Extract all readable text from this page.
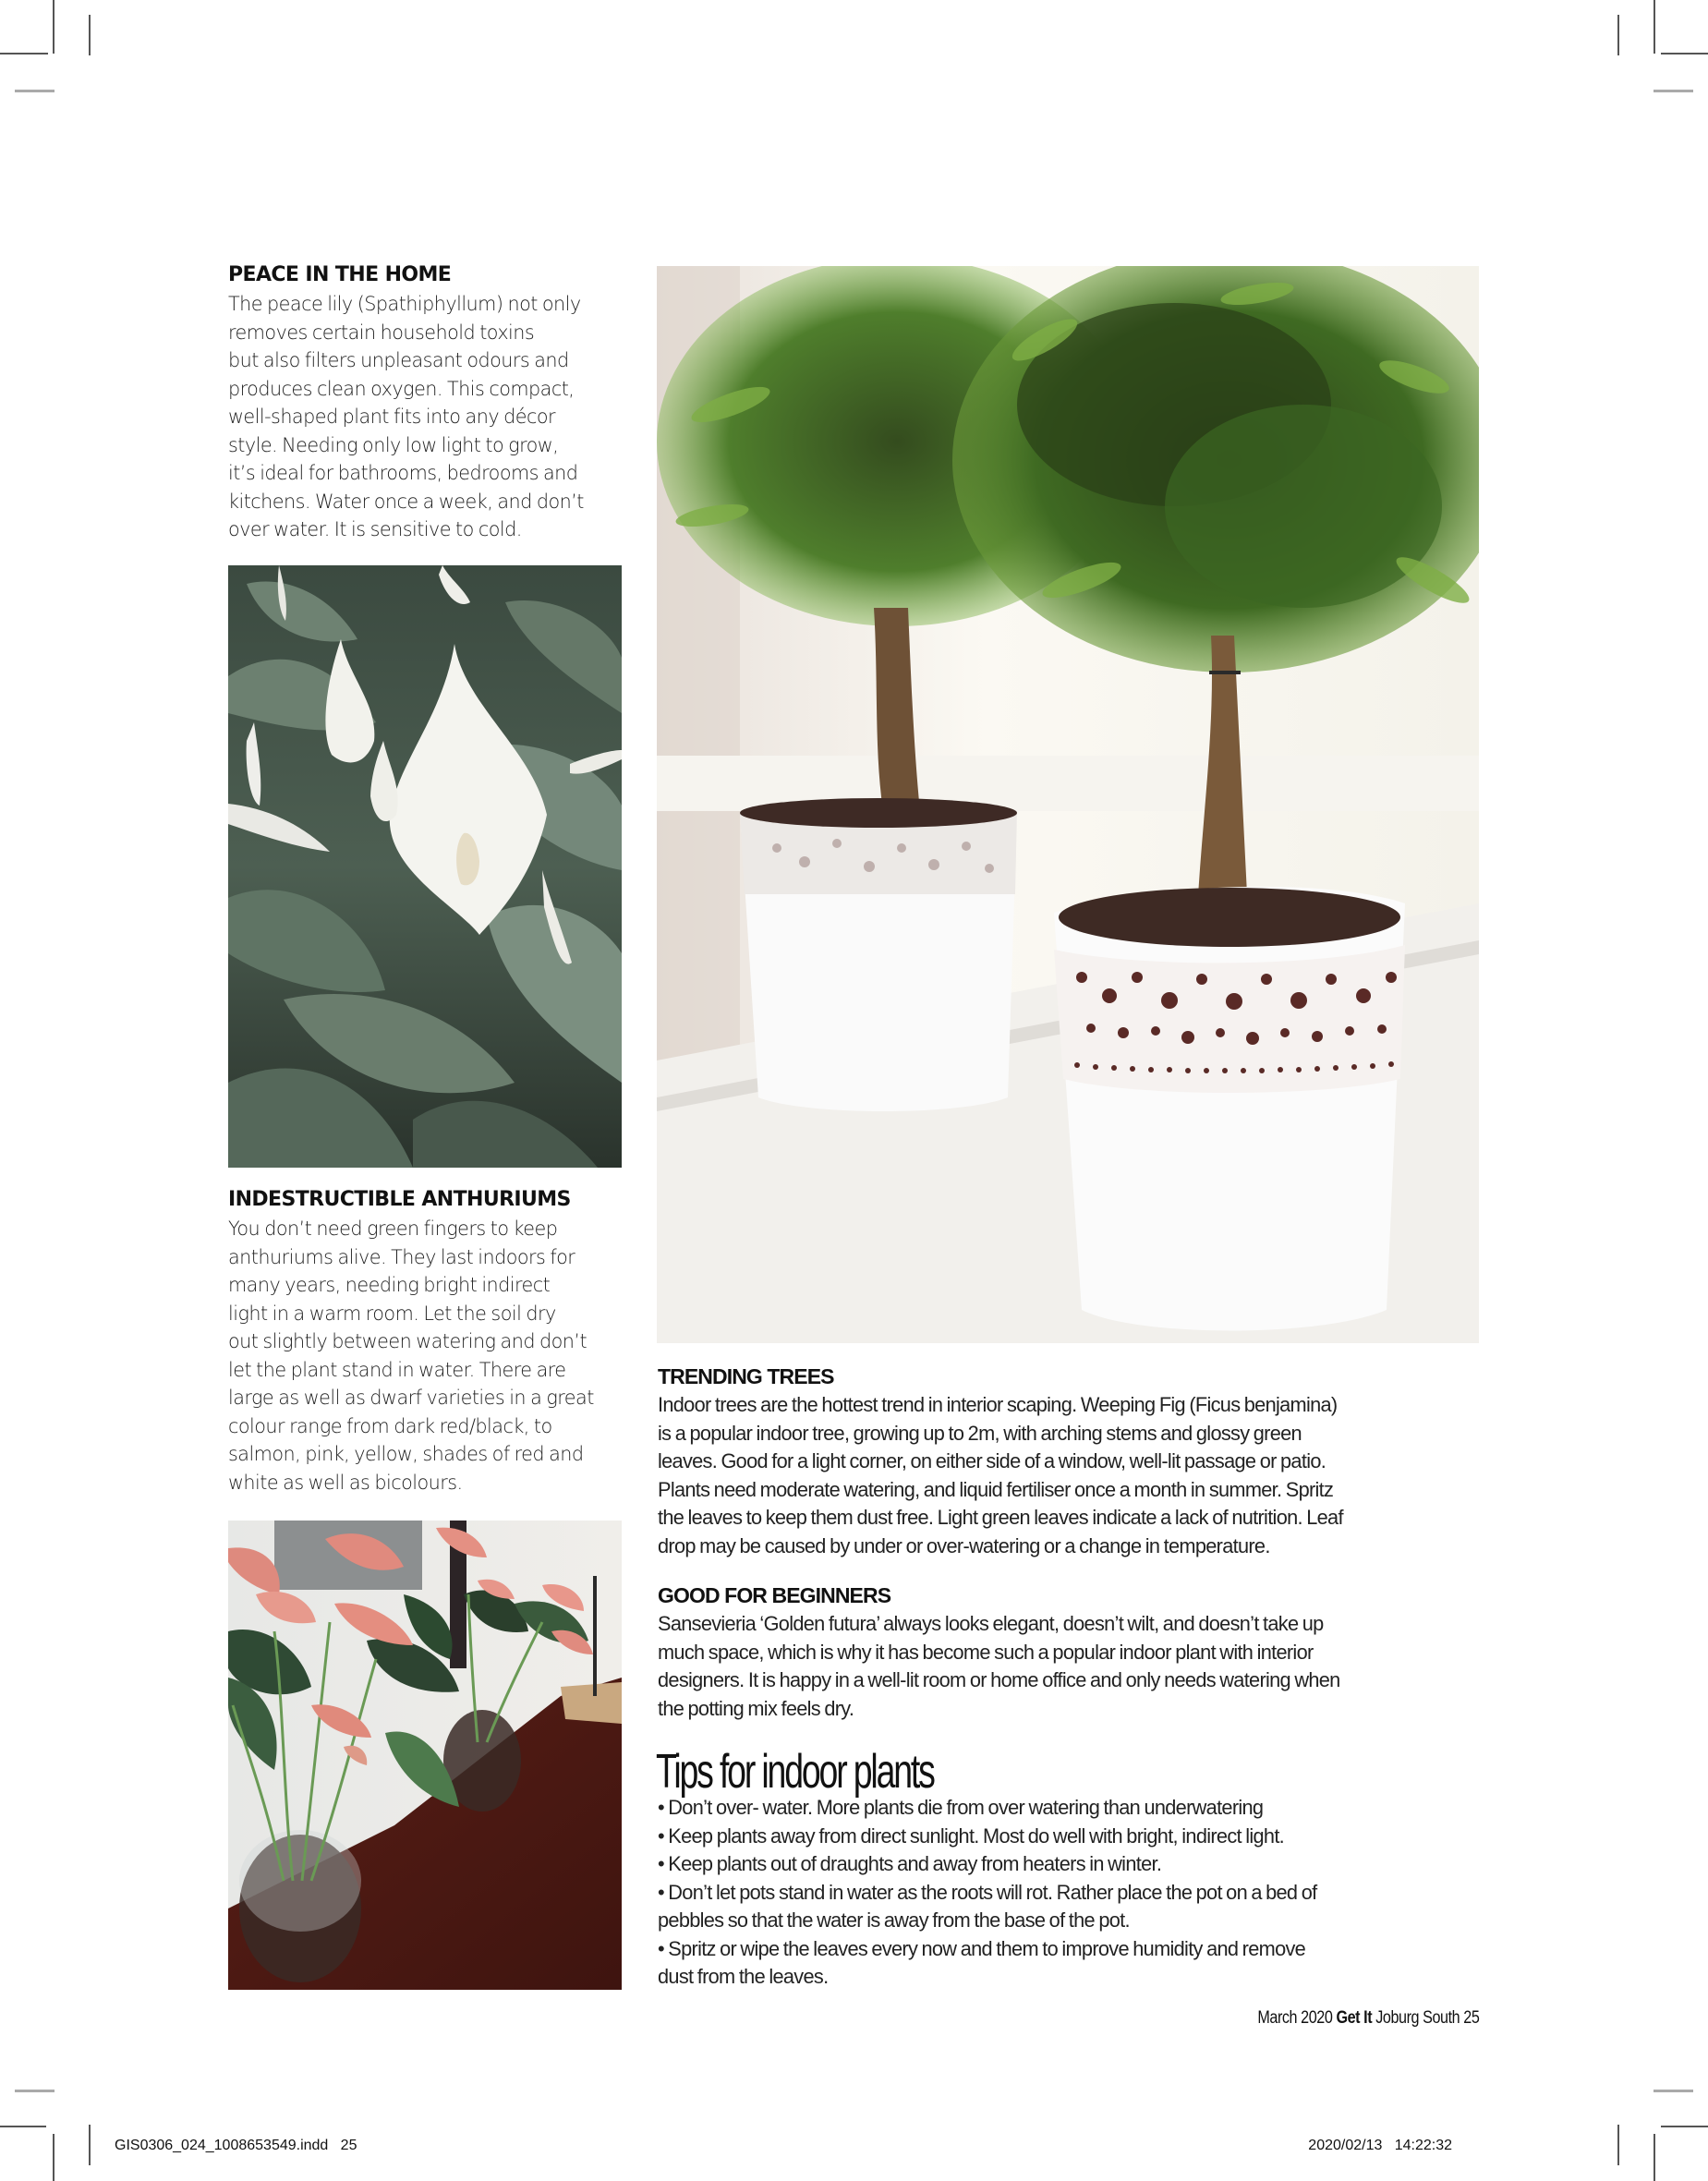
PEACE IN THE HOME
The peace lily (Spathiphyllum) not only
removes certain household toxins
but also filters unpleasant odours and
produces clean oxygen. This compact,
well-shaped plant fits into any décor
style. Needing only low light to grow,
it’s ideal for bathrooms, bedrooms and
kitchens. Water once a week, and don’t
over water. It is sensitive to cold.
INDESTRUCTIBLE ANTHURIUMS
You don’t need green fingers to keep
anthuriums alive. They last indoors for
many years, needing bright indirect
light in a warm room. Let the soil dry
out slightly between watering and don’t
let the plant stand in water. There are
large as well as dwarf varieties in a great
colour range from dark red/black, to
salmon, pink, yellow, shades of red and
white as well as bicolours.
TRENDING TREES
Indoor trees are the hottest trend in interior scaping. Weeping Fig (Ficus benjamina)
is a popular indoor tree, growing up to 2m, with arching stems and glossy green
leaves. Good for a light corner, on either side of a window, well-lit passage or patio.
Plants need moderate watering, and liquid fertiliser once a month in summer. Spritz
the leaves to keep them dust free. Light green leaves indicate a lack of nutrition. Leaf
drop may be caused by under or over-watering or a change in temperature.
GOOD FOR BEGINNERS
Sansevieria ‘Golden futura’ always looks elegant, doesn’t wilt, and doesn’t take up
much space, which is why it has become such a popular indoor plant with interior
designers. It is happy in a well-lit room or home office and only needs watering when
the potting mix feels dry.
Tips for indoor plants
• Don’t over- water. More plants die from over watering than underwatering
• Keep plants away from direct sunlight. Most do well with bright, indirect light.
• Keep plants out of draughts and away from heaters in winter.
• Don’t let pots stand in water as the roots will rot. Rather place the pot on a bed of
pebbles so that the water is away from the base of the pot.
• Spritz or wipe the leaves every now and them to improve humidity and remove
dust from the leaves.
March 2020 Get It Joburg South 25
GIS0306_024_1008653549.indd   25	2020/02/13   14:22:32
